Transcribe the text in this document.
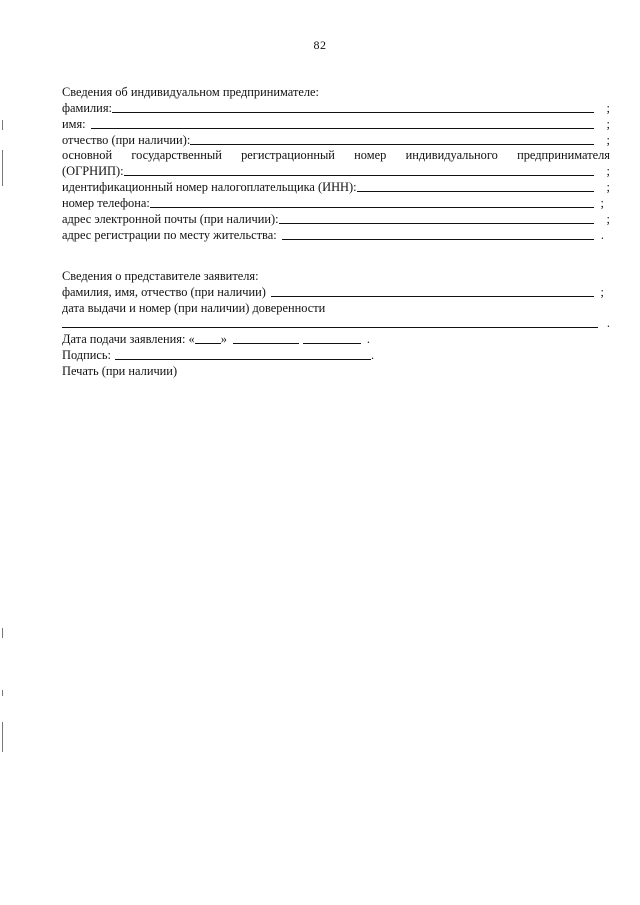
82
Сведения об индивидуальном предпринимателе:
фамилия:	;
имя:	;
отчество (при наличии):	;
основной государственный регистрационный номер индивидуального предпринимателя
(ОГРНИП):	;
идентификационный номер налогоплательщика (ИНН):	;
номер телефона:	;
адрес электронной почты (при наличии):	;
адрес регистрации по месту жительства:	.
Сведения о представителе заявителя:
фамилия, имя, отчество (при наличии)	;
дата выдачи и номер (при наличии) доверенности
.
Дата подачи заявления: « »	.
Подпись:	.
Печать (при наличии)
